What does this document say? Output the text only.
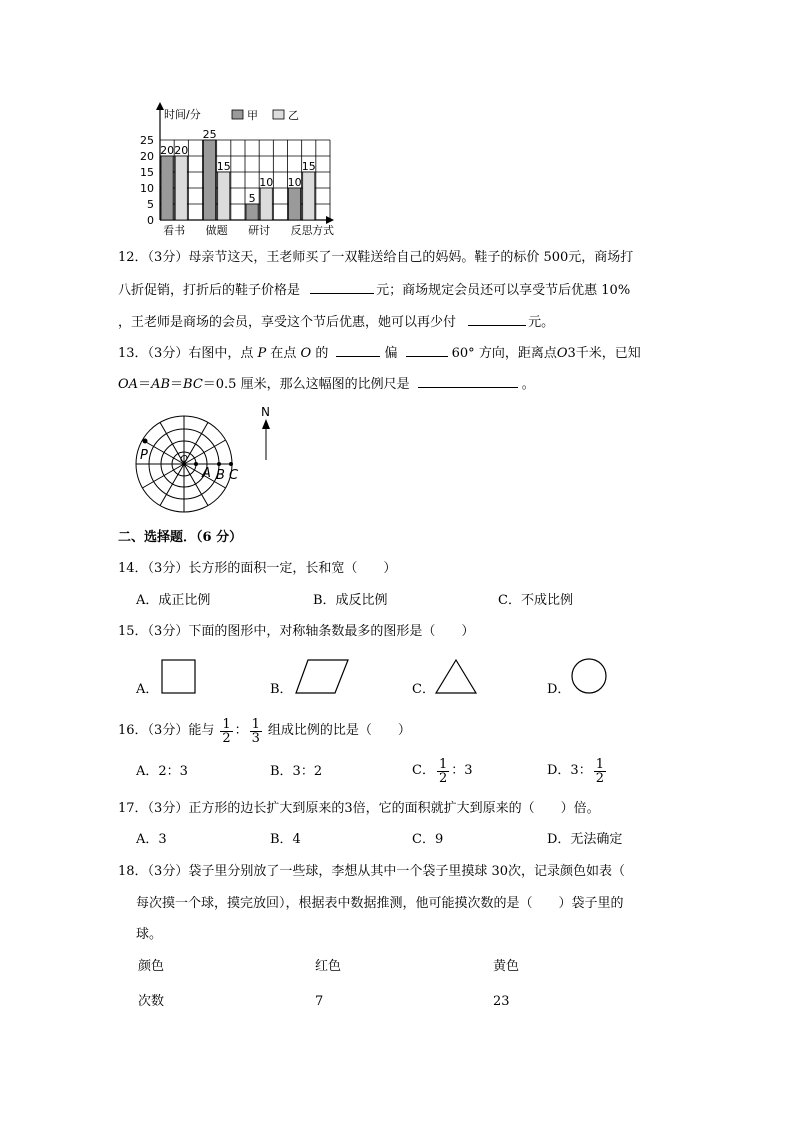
0
5
10
15
20
25
时间/分
方式
甲	乙
20 20
看书
25
15
做题
5
10
研讨
10
15
反思
12．（3分）母亲节这天，王老师买了一双鞋送给自己的妈妈。鞋子的标价 500元，商场打
八折促销，打折后的鞋子价格是	元；商场规定会员还可以享受节后优惠 10%
，王老师是商场的会员，享受这个节后优惠，她可以再少付	元。
13．（3分）右图中，点 P 在点 O 的	偏	60° 方向，距离点O3千米，已知
OA＝AB＝BC＝0.5 厘米，那么这幅图的比例尺是	。
P	O
A B C
N
二、选择题．（6 分）
14．（3分）长方形的面积一定，长和宽（　　）
A．成正比例	B．成反比例	C．不成比例
15．（3分）下面的图形中，对称轴条数最多的图形是（　　）
A．	B．	C．	D．
16．（3分）能与 $\frac{1}{2}$ ： $\frac{1}{3}$ 组成比例的比是（　　）
A．2：3	B．3：2	C． $\frac{1}{2}$ ：3	D．3： $\frac{1}{2}$
17．（3分）正方形的边长扩大到原来的3倍，它的面积就扩大到原来的（　　）倍。
A．3	B．4	C．9	D．无法确定
18．（3分）袋子里分别放了一些球，李想从其中一个袋子里摸球 30次，记录颜色如表（
每次摸一个球，摸完放回），根据表中数据推测，他可能摸次数的是（　　）袋子里的
球。
颜色	红色	黄色
次数	7	23
